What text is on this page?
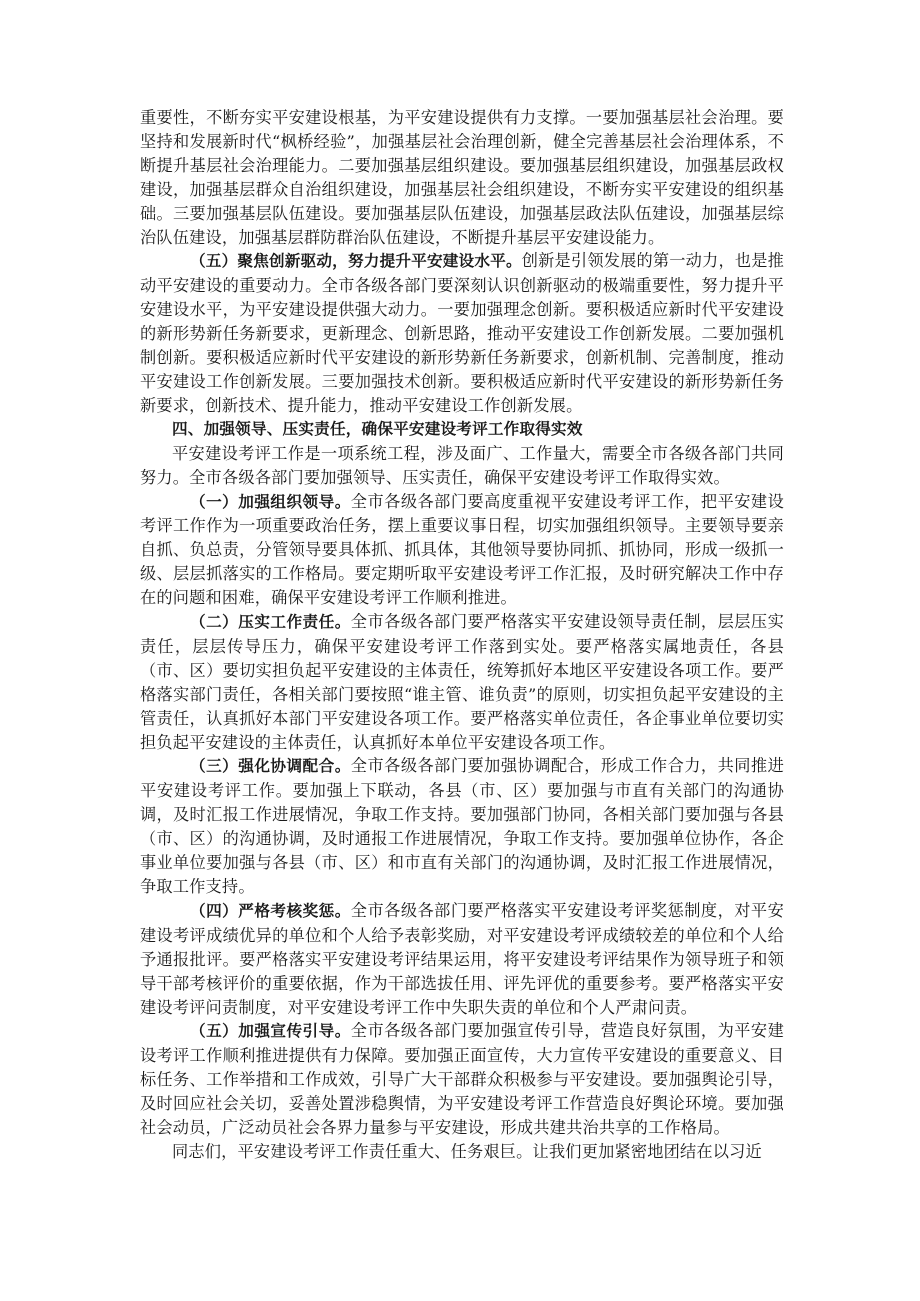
重要性，不断夯实平安建设根基，为平安建设提供有力支撑。一要加强基层社会治理。要坚持和发展新时代“枫桥经验”，加强基层社会治理创新，健全完善基层社会治理体系，不断提升基层社会治理能力。二要加强基层组织建设。要加强基层组织建设，加强基层政权建设，加强基层群众自治组织建设，加强基层社会组织建设，不断夯实平安建设的组织基础。三要加强基层队伍建设。要加强基层队伍建设，加强基层政法队伍建设，加强基层综治队伍建设，加强基层群防群治队伍建设，不断提升基层平安建设能力。

（五）聚焦创新驱动，努力提升平安建设水平。创新是引领发展的第一动力，也是推动平安建设的重要动力。全市各级各部门要深刻认识创新驱动的极端重要性，努力提升平安建设水平，为平安建设提供强大动力。一要加强理念创新。要积极适应新时代平安建设的新形势新任务新要求，更新理念、创新思路，推动平安建设工作创新发展。二要加强机制创新。要积极适应新时代平安建设的新形势新任务新要求，创新机制、完善制度，推动平安建设工作创新发展。三要加强技术创新。要积极适应新时代平安建设的新形势新任务新要求，创新技术、提升能力，推动平安建设工作创新发展。

四、加强领导、压实责任，确保平安建设考评工作取得实效

平安建设考评工作是一项系统工程，涉及面广、工作量大，需要全市各级各部门共同努力。全市各级各部门要加强领导、压实责任，确保平安建设考评工作取得实效。

（一）加强组织领导。全市各级各部门要高度重视平安建设考评工作，把平安建设考评工作作为一项重要政治任务，摆上重要议事日程，切实加强组织领导。主要领导要亲自抓、负总责，分管领导要具体抓、抓具体，其他领导要协同抓、抓协同，形成一级抓一级、层层抓落实的工作格局。要定期听取平安建设考评工作汇报，及时研究解决工作中存在的问题和困难，确保平安建设考评工作顺利推进。

（二）压实工作责任。全市各级各部门要严格落实平安建设领导责任制，层层压实责任，层层传导压力，确保平安建设考评工作落到实处。要严格落实属地责任，各县（市、区）要切实担负起平安建设的主体责任，统筹抓好本地区平安建设各项工作。要严格落实部门责任，各相关部门要按照“谁主管、谁负责”的原则，切实担负起平安建设的主管责任，认真抓好本部门平安建设各项工作。要严格落实单位责任，各企事业单位要切实担负起平安建设的主体责任，认真抓好本单位平安建设各项工作。

（三）强化协调配合。全市各级各部门要加强协调配合，形成工作合力，共同推进平安建设考评工作。要加强上下联动，各县（市、区）要加强与市直有关部门的沟通协调，及时汇报工作进展情况，争取工作支持。要加强部门协同，各相关部门要加强与各县（市、区）的沟通协调，及时通报工作进展情况，争取工作支持。要加强单位协作，各企事业单位要加强与各县（市、区）和市直有关部门的沟通协调，及时汇报工作进展情况，争取工作支持。

（四）严格考核奖惩。全市各级各部门要严格落实平安建设考评奖惩制度，对平安建设考评成绩优异的单位和个人给予表彰奖励，对平安建设考评成绩较差的单位和个人给予通报批评。要严格落实平安建设考评结果运用，将平安建设考评结果作为领导班子和领导干部考核评价的重要依据，作为干部选拔任用、评先评优的重要参考。要严格落实平安建设考评问责制度，对平安建设考评工作中失职失责的单位和个人严肃问责。

（五）加强宣传引导。全市各级各部门要加强宣传引导，营造良好氛围，为平安建设考评工作顺利推进提供有力保障。要加强正面宣传，大力宣传平安建设的重要意义、目标任务、工作举措和工作成效，引导广大干部群众积极参与平安建设。要加强舆论引导，及时回应社会关切，妥善处置涉稳舆情，为平安建设考评工作营造良好舆论环境。要加强社会动员，广泛动员社会各界力量参与平安建设，形成共建共治共享的工作格局。

同志们，平安建设考评工作责任重大、任务艰巨。让我们更加紧密地团结在以习近
